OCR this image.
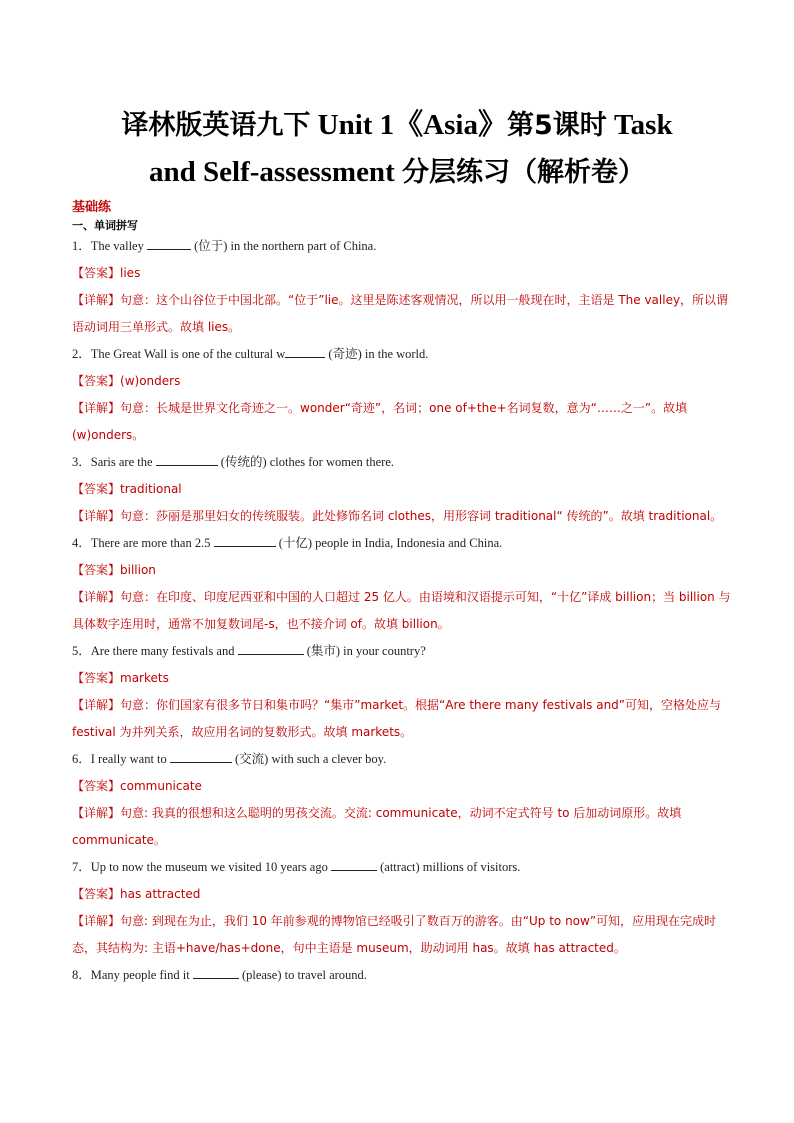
译林版英语九下 Unit 1《Asia》第5课时 Task
and Self-assessment 分层练习（解析卷）
基础练
一、单词拼写
1．The valley	(位于) in the northern part of China.
【答案】lies
【详解】句意：这个山谷位于中国北部。“位于”lie。这里是陈述客观情况，所以用一般现在时，主语是 The valley，所以谓语动词用三单形式。故填 lies。
2．The Great Wall is one of the cultural w	(奇迹) in the world.
【答案】(w)onders
【详解】句意：长城是世界文化奇迹之一。wonder“奇迹”，名词；one of+the+名词复数，意为“……之一”。故填(w)onders。
3．Saris are the	(传统的) clothes for women there.
【答案】traditional
【详解】句意：莎丽是那里妇女的传统服装。此处修饰名词 clothes，用形容词 traditional“ 传统的”。故填 traditional。
4．There are more than 2.5	(十亿) people in India, Indonesia and China.
【答案】billion
【详解】句意：在印度、印度尼西亚和中国的人口超过 25 亿人。由语境和汉语提示可知，“十亿”译成 billion；当 billion 与具体数字连用时，通常不加复数词尾-s，也不接介词 of。故填 billion。
5．Are there many festivals and	(集市) in your country?
【答案】markets
【详解】句意：你们国家有很多节日和集市吗？“集市”market。根据“Are there many festivals and”可知，空格处应与 festival 为并列关系，故应用名词的复数形式。故填 markets。
6．I really want to	(交流) with such a clever boy.
【答案】communicate
【详解】句意: 我真的很想和这么聪明的男孩交流。交流: communicate，动词不定式符号 to 后加动词原形。故填 communicate。
7．Up to now the museum we visited 10 years ago	(attract) millions of visitors.
【答案】has attracted
【详解】句意: 到现在为止，我们 10 年前参观的博物馆已经吸引了数百万的游客。由“Up to now”可知，应用现在完成时态，其结构为: 主语+have/has+done，句中主语是 museum，助动词用 has。故填 has attracted。
8．Many people find it	(please) to travel around.
